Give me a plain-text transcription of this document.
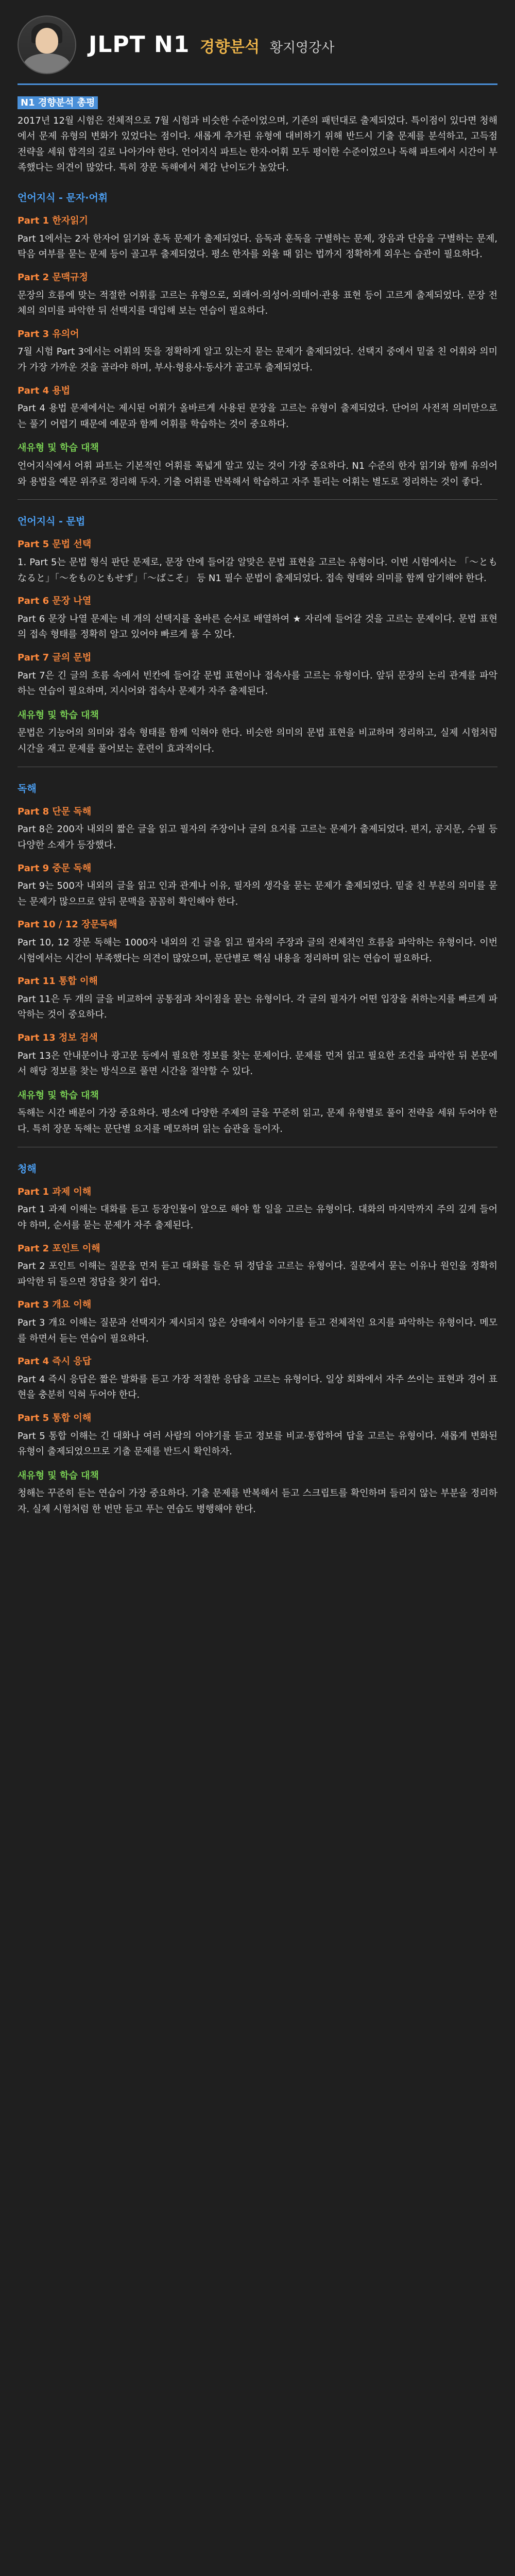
JLPT N1 경향분석 황지영강사
N1 경향분석 총평

2017년 12월 시험은 전체적으로 7월 시험과 비슷한 수준이었으며, 기존의 패턴대로 출제되었다. 특이점이 있다면 청해에서 문제 유형의 변화가 있었다는 점이다. 새롭게 추가된 유형에 대비하기 위해 반드시 기출 문제를 분석하고, 고득점 전략을 세워 합격의 길로 나아가야 한다. 언어지식 파트는 한자·어휘 모두 평이한 수준이었으나 독해 파트에서 시간이 부족했다는 의견이 많았다. 특히 장문 독해에서 체감 난이도가 높았다.

언어지식 - 문자·어휘
Part 1 한자읽기

Part 1에서는 2자 한자어 읽기와 훈독 문제가 출제되었다. 음독과 훈독을 구별하는 문제, 장음과 단음을 구별하는 문제, 탁음 여부를 묻는 문제 등이 골고루 출제되었다. 평소 한자를 외울 때 읽는 법까지 정확하게 외우는 습관이 필요하다.

Part 2 문맥규정

문장의 흐름에 맞는 적절한 어휘를 고르는 유형으로, 외래어·의성어·의태어·관용 표현 등이 고르게 출제되었다. 문장 전체의 의미를 파악한 뒤 선택지를 대입해 보는 연습이 필요하다.

Part 3 유의어

7월 시험 Part 3에서는 어휘의 뜻을 정확하게 알고 있는지 묻는 문제가 출제되었다. 선택지 중에서 밑줄 친 어휘와 의미가 가장 가까운 것을 골라야 하며, 부사·형용사·동사가 골고루 출제되었다.

Part 4 용법

Part 4 용법 문제에서는 제시된 어휘가 올바르게 사용된 문장을 고르는 유형이 출제되었다. 단어의 사전적 의미만으로는 풀기 어렵기 때문에 예문과 함께 어휘를 학습하는 것이 중요하다.

새유형 및 학습 대책

언어지식에서 어휘 파트는 기본적인 어휘를 폭넓게 알고 있는 것이 가장 중요하다. N1 수준의 한자 읽기와 함께 유의어와 용법을 예문 위주로 정리해 두자. 기출 어휘를 반복해서 학습하고 자주 틀리는 어휘는 별도로 정리하는 것이 좋다.

언어지식 - 문법
Part 5 문법 선택

1. Part 5는 문법 형식 판단 문제로, 문장 안에 들어갈 알맞은 문법 표현을 고르는 유형이다. 이번 시험에서는 「〜ともなると」「〜をものともせず」「〜ばこそ」 등 N1 필수 문법이 출제되었다. 접속 형태와 의미를 함께 암기해야 한다.

Part 6 문장 나열

Part 6 문장 나열 문제는 네 개의 선택지를 올바른 순서로 배열하여 ★ 자리에 들어갈 것을 고르는 문제이다. 문법 표현의 접속 형태를 정확히 알고 있어야 빠르게 풀 수 있다.

Part 7 글의 문법

Part 7은 긴 글의 흐름 속에서 빈칸에 들어갈 문법 표현이나 접속사를 고르는 유형이다. 앞뒤 문장의 논리 관계를 파악하는 연습이 필요하며, 지시어와 접속사 문제가 자주 출제된다.

새유형 및 학습 대책

문법은 기능어의 의미와 접속 형태를 함께 익혀야 한다. 비슷한 의미의 문법 표현을 비교하며 정리하고, 실제 시험처럼 시간을 재고 문제를 풀어보는 훈련이 효과적이다.

독해
Part 8 단문 독해

Part 8은 200자 내외의 짧은 글을 읽고 필자의 주장이나 글의 요지를 고르는 문제가 출제되었다. 편지, 공지문, 수필 등 다양한 소재가 등장했다.

Part 9 중문 독해

Part 9는 500자 내외의 글을 읽고 인과 관계나 이유, 필자의 생각을 묻는 문제가 출제되었다. 밑줄 친 부분의 의미를 묻는 문제가 많으므로 앞뒤 문맥을 꼼꼼히 확인해야 한다.

Part 10 / 12 장문독해

Part 10, 12 장문 독해는 1000자 내외의 긴 글을 읽고 필자의 주장과 글의 전체적인 흐름을 파악하는 유형이다. 이번 시험에서는 시간이 부족했다는 의견이 많았으며, 문단별로 핵심 내용을 정리하며 읽는 연습이 필요하다.

Part 11 통합 이해

Part 11은 두 개의 글을 비교하여 공통점과 차이점을 묻는 유형이다. 각 글의 필자가 어떤 입장을 취하는지를 빠르게 파악하는 것이 중요하다.

Part 13 정보 검색

Part 13은 안내문이나 광고문 등에서 필요한 정보를 찾는 문제이다. 문제를 먼저 읽고 필요한 조건을 파악한 뒤 본문에서 해당 정보를 찾는 방식으로 풀면 시간을 절약할 수 있다.

새유형 및 학습 대책

독해는 시간 배분이 가장 중요하다. 평소에 다양한 주제의 글을 꾸준히 읽고, 문제 유형별로 풀이 전략을 세워 두어야 한다. 특히 장문 독해는 문단별 요지를 메모하며 읽는 습관을 들이자.

청해
Part 1 과제 이해

Part 1 과제 이해는 대화를 듣고 등장인물이 앞으로 해야 할 일을 고르는 유형이다. 대화의 마지막까지 주의 깊게 들어야 하며, 순서를 묻는 문제가 자주 출제된다.

Part 2 포인트 이해

Part 2 포인트 이해는 질문을 먼저 듣고 대화를 들은 뒤 정답을 고르는 유형이다. 질문에서 묻는 이유나 원인을 정확히 파악한 뒤 들으면 정답을 찾기 쉽다.

Part 3 개요 이해

Part 3 개요 이해는 질문과 선택지가 제시되지 않은 상태에서 이야기를 듣고 전체적인 요지를 파악하는 유형이다. 메모를 하면서 듣는 연습이 필요하다.

Part 4 즉시 응답

Part 4 즉시 응답은 짧은 발화를 듣고 가장 적절한 응답을 고르는 유형이다. 일상 회화에서 자주 쓰이는 표현과 경어 표현을 충분히 익혀 두어야 한다.

Part 5 통합 이해

Part 5 통합 이해는 긴 대화나 여러 사람의 이야기를 듣고 정보를 비교·통합하여 답을 고르는 유형이다. 새롭게 변화된 유형이 출제되었으므로 기출 문제를 반드시 확인하자.

새유형 및 학습 대책

청해는 꾸준히 듣는 연습이 가장 중요하다. 기출 문제를 반복해서 듣고 스크립트를 확인하며 들리지 않는 부분을 정리하자. 실제 시험처럼 한 번만 듣고 푸는 연습도 병행해야 한다.
